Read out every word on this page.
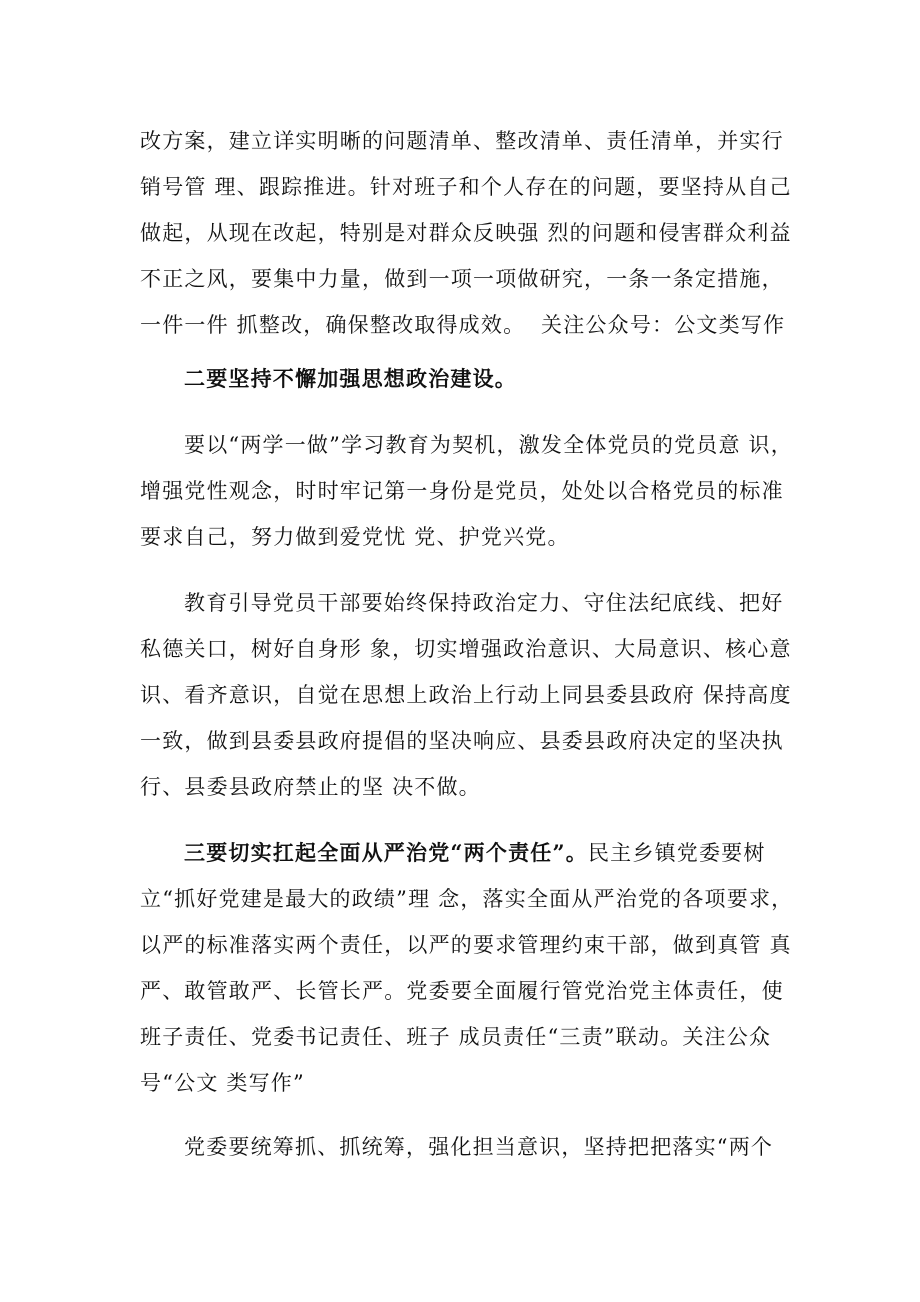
改方案，建立详实明晰的问题清单、整改清单、责任清单，并实行销号管 理、跟踪推进。针对班子和个人存在的问题，要坚持从自己做起，从现在改起，特别是对群众反映强 烈的问题和侵害群众利益不正之风，要集中力量，做到一项一项做研究，一条一条定措施，一件一件 抓整改，确保整改取得成效。  关注公众号：公文类写作

二要坚持不懈加强思想政治建设。

要以“两学一做”学习教育为契机，激发全体党员的党员意 识，增强党性观念，时时牢记第一身份是党员，处处以合格党员的标准要求自己，努力做到爱党忧 党、护党兴党。

教育引导党员干部要始终保持政治定力、守住法纪底线、把好私德关口，树好自身形 象，切实增强政治意识、大局意识、核心意识、看齐意识，自觉在思想上政治上行动上同县委县政府 保持高度一致，做到县委县政府提倡的坚决响应、县委县政府决定的坚决执行、县委县政府禁止的坚 决不做。

三要切实扛起全面从严治党“两个责任”。民主乡镇党委要树立“抓好党建是最大的政绩”理 念，落实全面从严治党的各项要求，以严的标准落实两个责任，以严的要求管理约束干部，做到真管 真严、敢管敢严、长管长严。党委要全面履行管党治党主体责任，使班子责任、党委书记责任、班子 成员责任“三责”联动。关注公众号“公文 类写作”

党委要统筹抓、抓统筹，强化担当意识，坚持把把落实“两个
